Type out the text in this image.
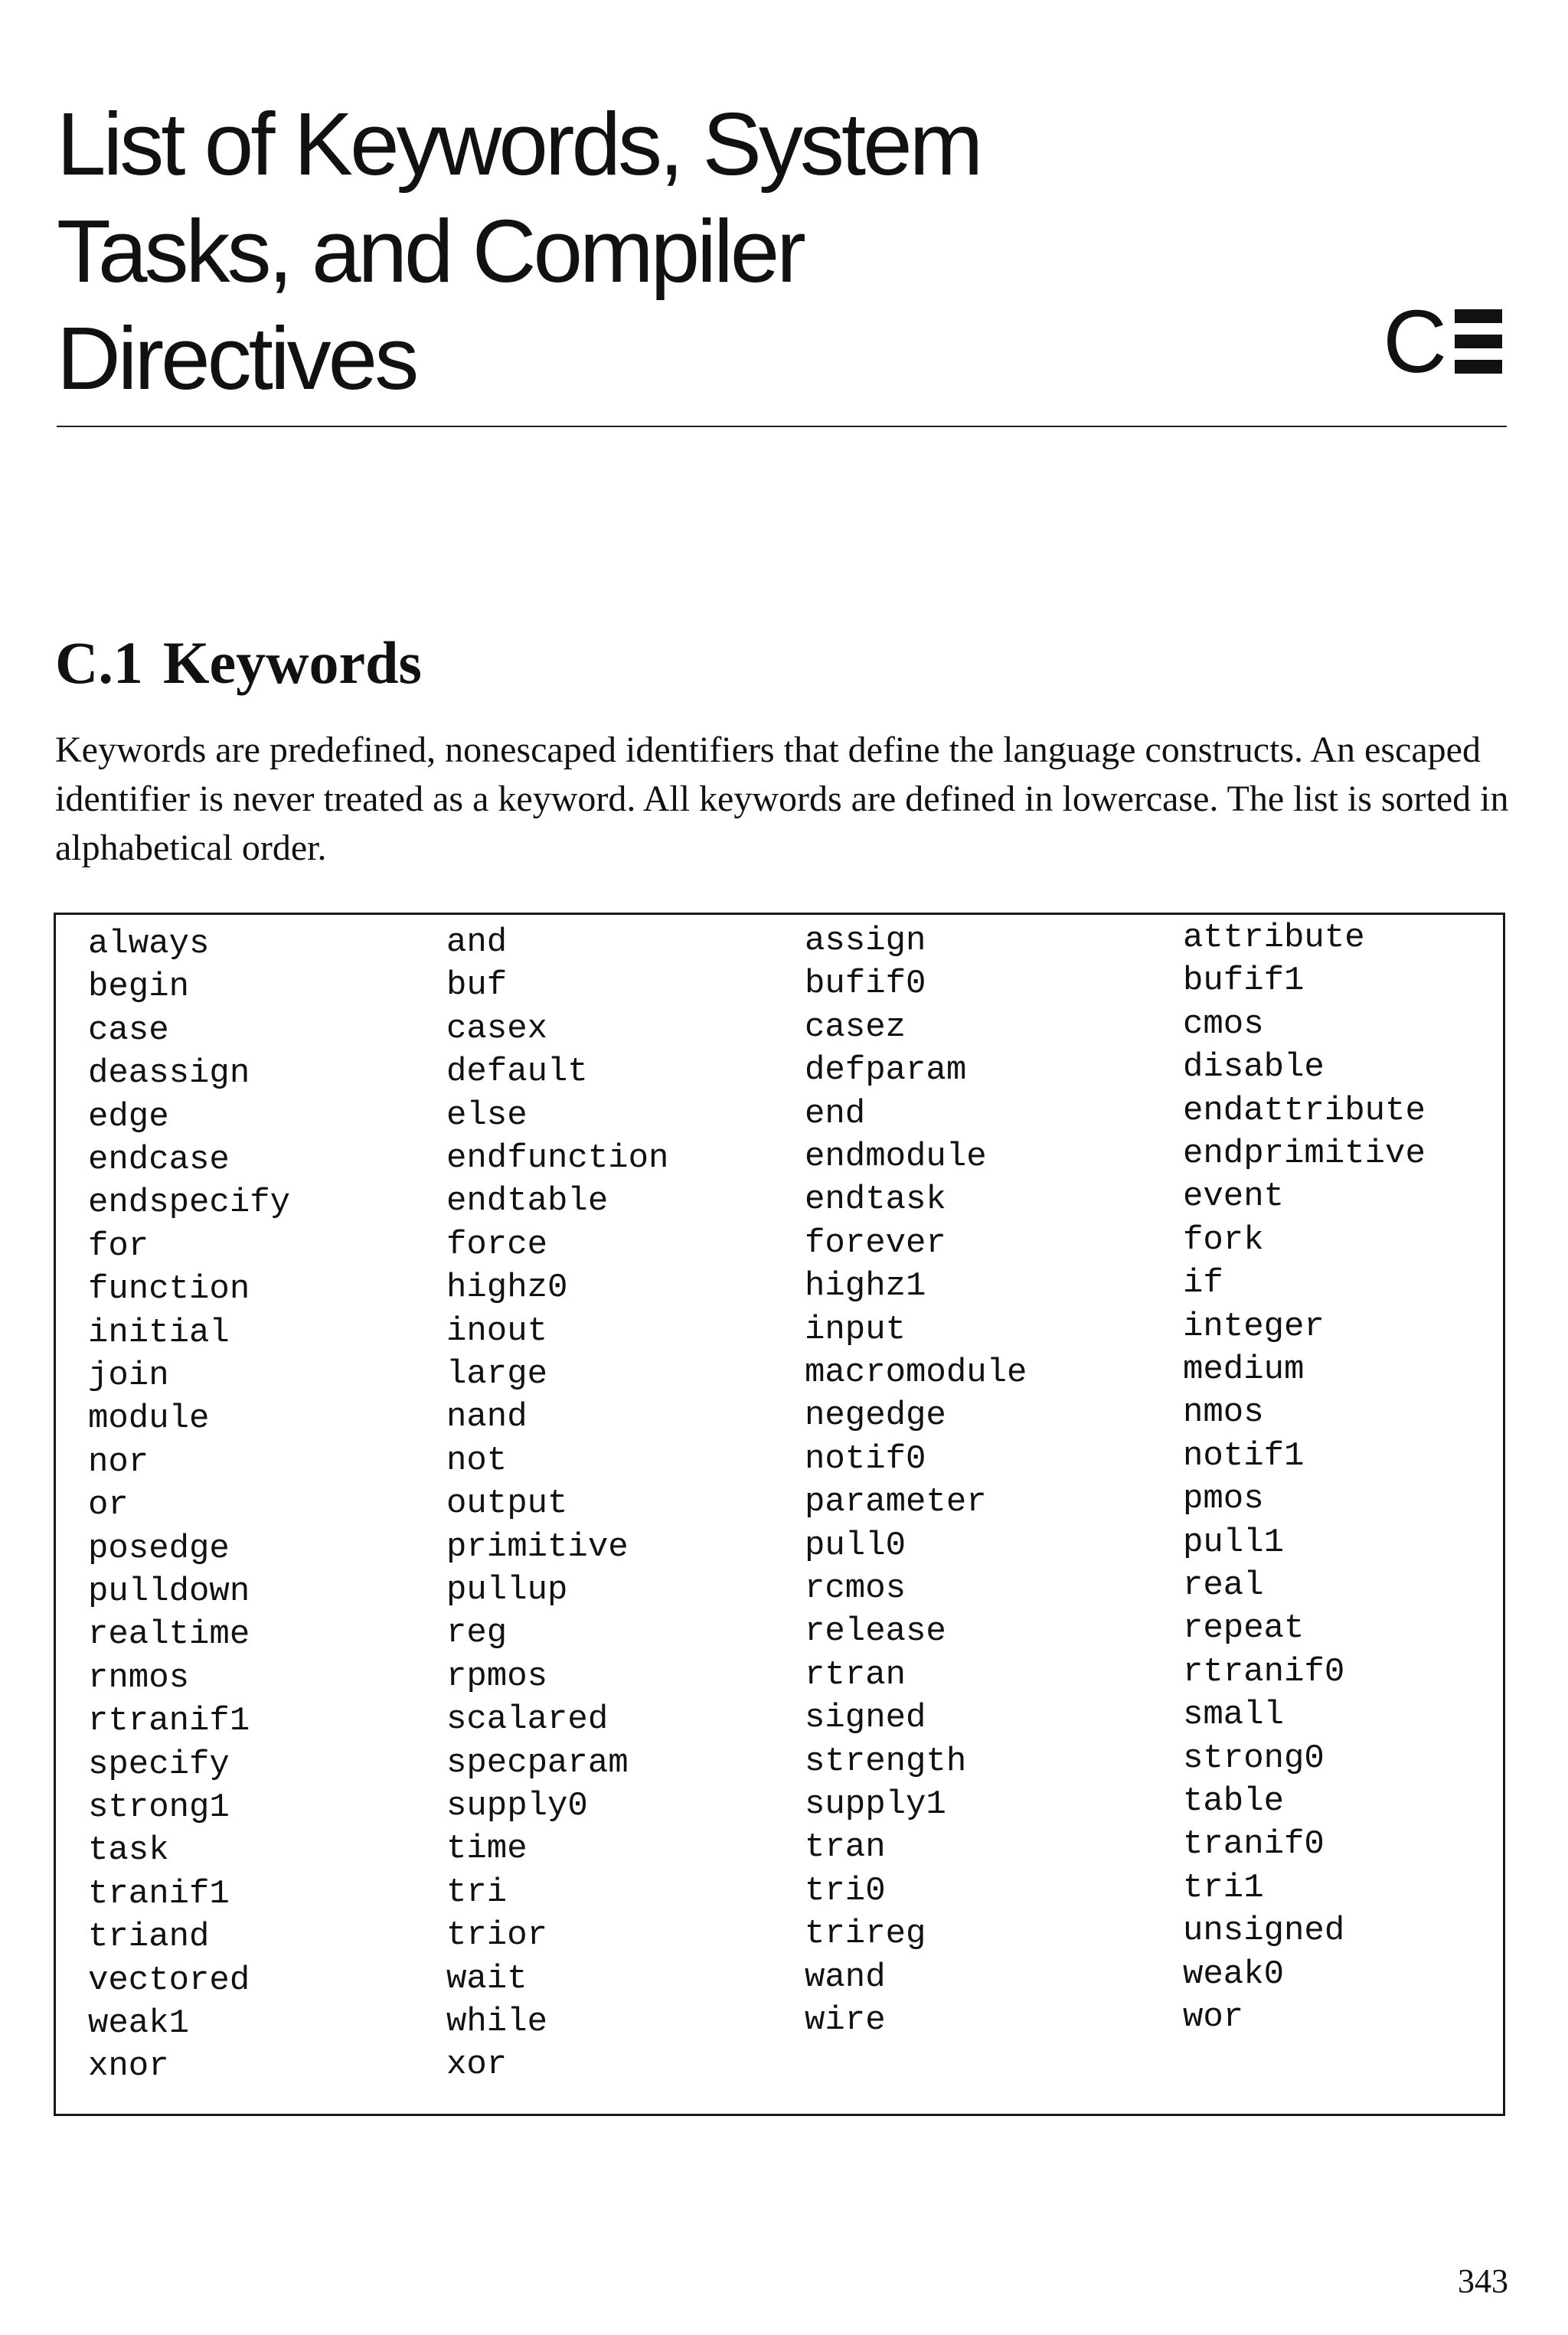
List of Keywords, System
Tasks, and Compiler
Directives	C
C.1 Keywords

Keywords are predefined, nonescaped identifiers that define the language constructs. An escaped identifier is never treated as a keyword. All keywords are defined in lowercase. The list is sorted in alphabetical order.

always
begin
case
deassign
edge
endcase
endspecify
for
function
initial
join
module
nor
or
posedge
pulldown
realtime
rnmos
rtranif1
specify
strong1
task
tranif1
triand
vectored
weak1
xnor
and
buf
casex
default
else
endfunction
endtable
force
highz0
inout
large
nand
not
output
primitive
pullup
reg
rpmos
scalared
specparam
supply0
time
tri
trior
wait
while
xor
assign
bufif0
casez
defparam
end
endmodule
endtask
forever
highz1
input
macromodule
negedge
notif0
parameter
pull0
rcmos
release
rtran
signed
strength
supply1
tran
tri0
trireg
wand
wire
attribute
bufif1
cmos
disable
endattribute
endprimitive
event
fork
if
integer
medium
nmos
notif1
pmos
pull1
real
repeat
rtranif0
small
strong0
table
tranif0
tri1
unsigned
weak0
wor
343
